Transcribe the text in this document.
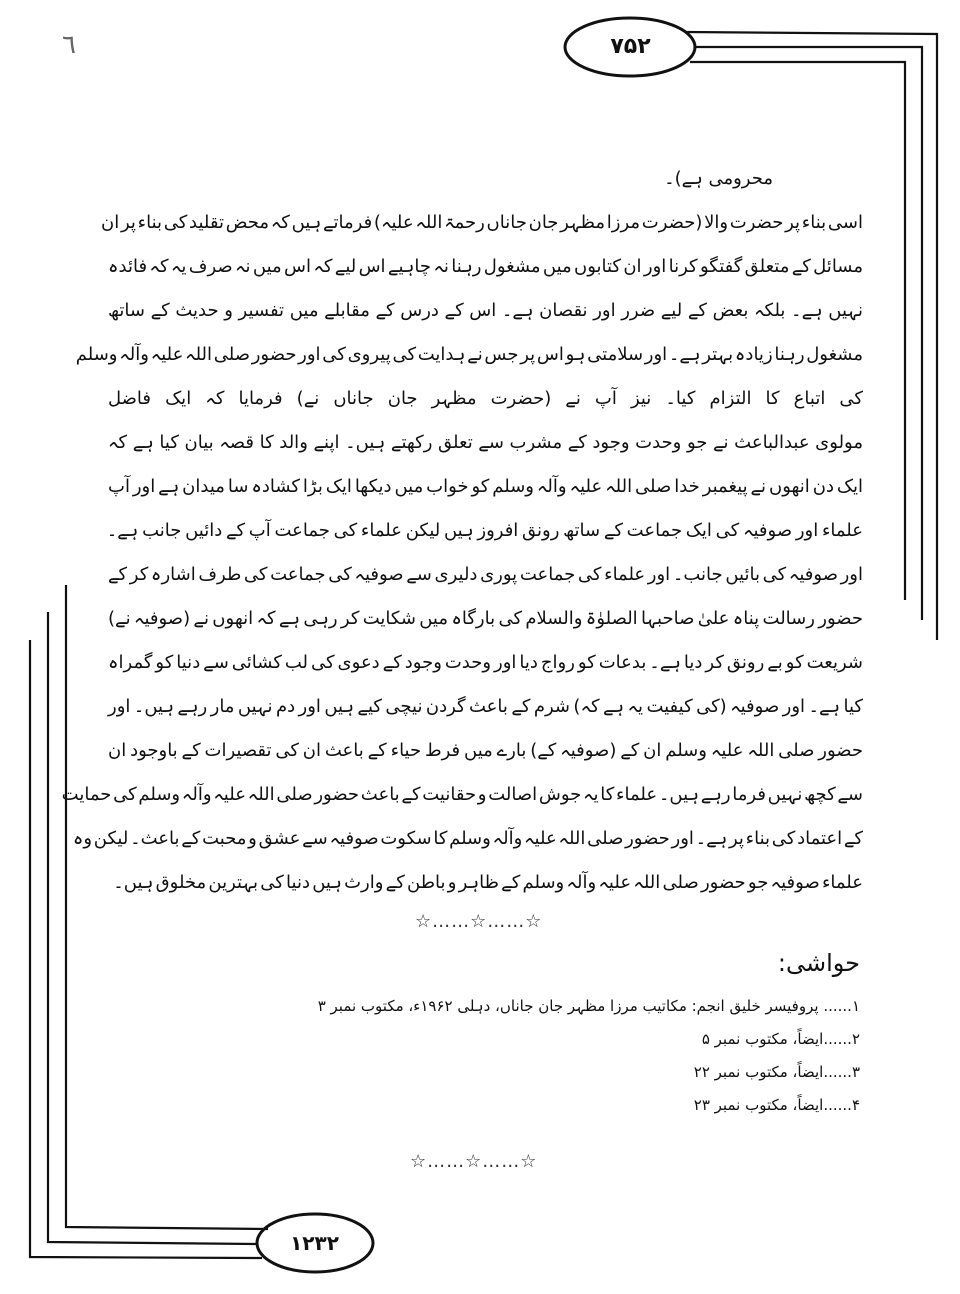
۷۵۲
۱۲۳۲
٦
محرومی ہے)۔
اسی بناء پر حضرت والا (حضرت مرزا مظہر جان جاناں رحمۃ اللہ علیہ) فرماتے ہیں کہ محض تقلید کی بناء پر ان
مسائل کے متعلق گفتگو کرنا اور ان کتابوں میں مشغول رہنا نہ چاہیے اس لیے کہ اس میں نہ صرف یہ کہ فائدہ
نہیں ہے۔ بلکہ بعض کے لیے ضرر اور نقصان ہے۔ اس کے درس کے مقابلے میں تفسیر و حدیث کے ساتھ
مشغول رہنا زیادہ بہتر ہے۔ اور سلامتی ہو اس پر جس نے ہدایت کی پیروی کی اور حضور صلی اللہ علیہ وآلہ وسلم
کی اتباع کا التزام کیا۔ نیز آپ نے (حضرت مظہر جان جاناں نے) فرمایا کہ ایک فاضل
مولوی عبدالباعث نے جو وحدت وجود کے مشرب سے تعلق رکھتے ہیں۔ اپنے والد کا قصہ بیان کیا ہے کہ
ایک دن انھوں نے پیغمبر خدا صلی اللہ علیہ وآلہ وسلم کو خواب میں دیکھا ایک بڑا کشادہ سا میدان ہے اور آپ
علماء اور صوفیہ کی ایک جماعت کے ساتھ رونق افروز ہیں لیکن علماء کی جماعت آپ کے دائیں جانب ہے۔
اور صوفیہ کی بائیں جانب۔ اور علماء کی جماعت پوری دلیری سے صوفیہ کی جماعت کی طرف اشارہ کر کے
حضور رسالت پناہ علیٰ صاحبہا الصلوٰۃ والسلام کی بارگاہ میں شکایت کر رہی ہے کہ انھوں نے (صوفیہ نے)
شریعت کو بے رونق کر دیا ہے۔ بدعات کو رواج دیا اور وحدت وجود کے دعوی کی لب کشائی سے دنیا کو گمراہ
کیا ہے۔ اور صوفیہ (کی کیفیت یہ ہے کہ) شرم کے باعث گردن نیچی کیے ہیں اور دم نہیں مار رہے ہیں۔ اور
حضور صلی اللہ علیہ وسلم ان کے (صوفیہ کے) بارے میں فرط حیاء کے باعث ان کی تقصیرات کے باوجود ان
سے کچھ نہیں فرما رہے ہیں۔ علماء کا یہ جوش اصالت و حقانیت کے باعث حضور صلی اللہ علیہ وآلہ وسلم کی حمایت
کے اعتماد کی بناء پر ہے۔ اور حضور صلی اللہ علیہ وآلہ وسلم کا سکوت صوفیہ سے عشق و محبت کے باعث۔ لیکن وہ
علماء صوفیہ جو حضور صلی اللہ علیہ وآلہ وسلم کے ظاہر و باطن کے وارث ہیں دنیا کی بہترین مخلوق ہیں۔
☆……☆……☆
حواشی:
۱...... پروفیسر خلیق انجم: مکاتیب مرزا مظہر جان جاناں، دہلی ۱۹۶۲ء، مکتوب نمبر ۳
۲......ایضاً، مکتوب نمبر ۵
۳......ایضاً، مکتوب نمبر ۲۲
۴......ایضاً، مکتوب نمبر ۲۳
☆……☆……☆
